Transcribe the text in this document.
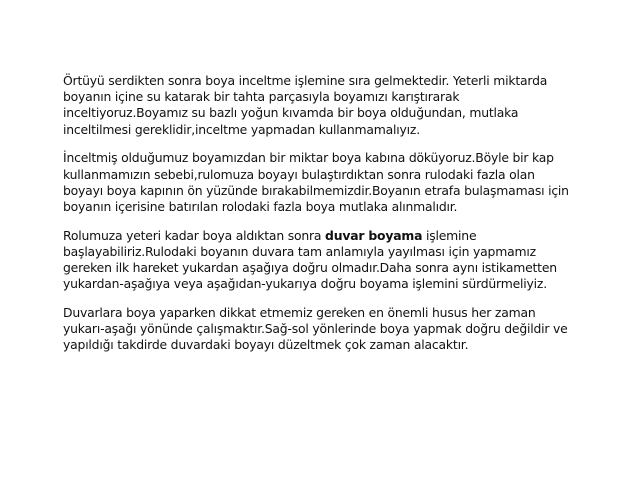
Örtüyü serdikten sonra boya inceltme işlemine sıra gelmektedir. Yeterli miktarda
boyanın içine su katarak bir tahta parçasıyla boyamızı karıştırarak
inceltiyoruz.Boyamız su bazlı yoğun kıvamda bir boya olduğundan, mutlaka
inceltilmesi gereklidir,inceltme yapmadan kullanmamalıyız.
İnceltmiş olduğumuz boyamızdan bir miktar boya kabına döküyoruz.Böyle bir kap
kullanmamızın sebebi,rulomuza boyayı bulaştırdıktan sonra rulodaki fazla olan
boyayı boya kapının ön yüzünde bırakabilmemizdir.Boyanın etrafa bulaşmaması için
boyanın içerisine batırılan rolodaki fazla boya mutlaka alınmalıdır.
Rolumuza yeteri kadar boya aldıktan sonra duvar boyama işlemine
başlayabiliriz.Rulodaki boyanın duvara tam anlamıyla yayılması için yapmamız
gereken ilk hareket yukardan aşağıya doğru olmadır.Daha sonra aynı istikametten
yukardan-aşağıya veya aşağıdan-yukarıya doğru boyama işlemini sürdürmeliyiz.
Duvarlara boya yaparken dikkat etmemiz gereken en önemli husus her zaman
yukarı-aşağı yönünde çalışmaktır.Sağ-sol yönlerinde boya yapmak doğru değildir ve
yapıldığı takdirde duvardaki boyayı düzeltmek çok zaman alacaktır.
